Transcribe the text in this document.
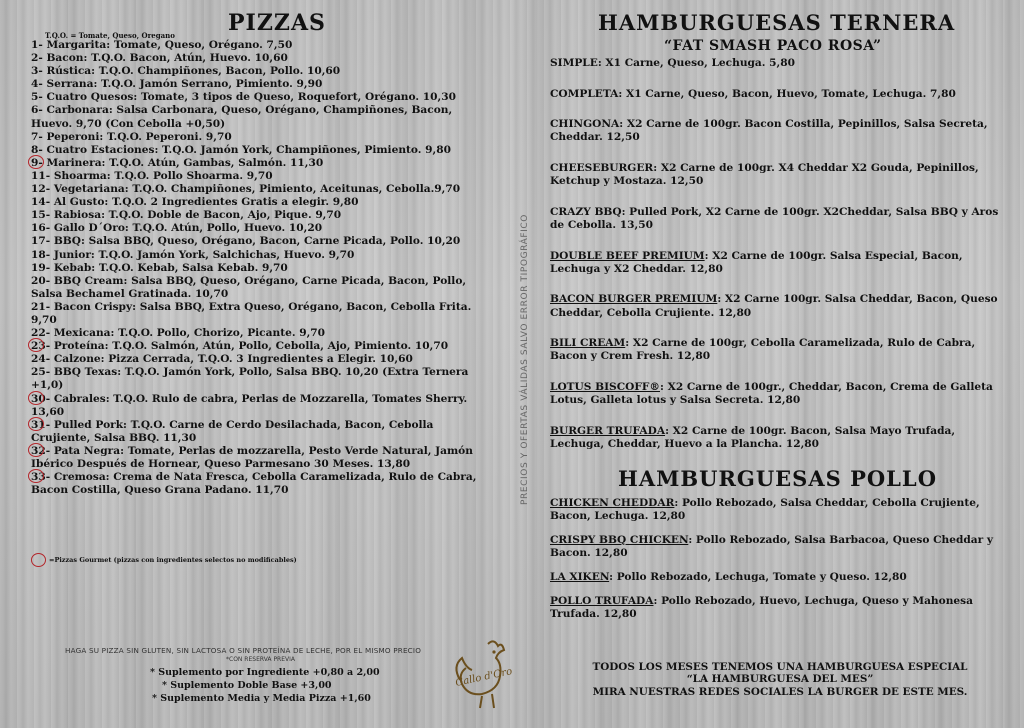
PIZZAS
T.Q.O. = Tomate, Queso, Oregano
1- Margarita: Tomate, Queso, Orégano. 7,50
2- Bacon: T.Q.O. Bacon, Atún, Huevo. 10,60
3- Rústica: T.Q.O. Champiñones, Bacon, Pollo. 10,60
4- Serrana: T.Q.O. Jamón Serrano, Pimiento. 9,90
5- Cuatro Quesos: Tomate, 3 tipos de Queso, Roquefort, Orégano. 10,30
6- Carbonara: Salsa Carbonara, Queso, Orégano, Champiñones, Bacon, Huevo. 9,70 (Con Cebolla +0,50)
7- Peperoni: T.Q.O. Peperoni. 9,70
8- Cuatro Estaciones: T.Q.O. Jamón York, Champiñones, Pimiento. 9,80
9- Marinera: T.Q.O. Atún, Gambas, Salmón. 11,30
11- Shoarma: T.Q.O. Pollo Shoarma. 9,70
12- Vegetariana: T.Q.O. Champiñones, Pimiento, Aceitunas, Cebolla.9,70
14- Al Gusto: T.Q.O. 2 Ingredientes Gratis a elegir. 9,80
15- Rabiosa: T.Q.O. Doble de Bacon, Ajo, Pique. 9,70
16- Gallo D´Oro: T.Q.O. Atún, Pollo, Huevo. 10,20
17- BBQ: Salsa BBQ, Queso, Orégano, Bacon, Carne Picada, Pollo. 10,20
18- Junior: T.Q.O. Jamón York, Salchichas, Huevo. 9,70
19- Kebab: T.Q.O. Kebab, Salsa Kebab. 9,70
20- BBQ Cream: Salsa BBQ, Queso, Orégano, Carne Picada, Bacon, Pollo, Salsa Bechamel Gratinada. 10,70
21- Bacon Crispy: Salsa BBQ, Extra Queso, Orégano, Bacon, Cebolla Frita. 9,70
22- Mexicana: T.Q.O. Pollo, Chorizo, Picante. 9,70
23- Proteína: T.Q.O. Salmón, Atún, Pollo, Cebolla, Ajo, Pimiento. 10,70
24- Calzone: Pizza Cerrada, T.Q.O. 3 Ingredientes a Elegir. 10,60
25- BBQ Texas: T.Q.O. Jamón York, Pollo, Salsa BBQ. 10,20 (Extra Ternera +1,0)
30- Cabrales: T.Q.O. Rulo de cabra, Perlas de Mozzarella, Tomates Sherry. 13,60
31- Pulled Pork: T.Q.O. Carne de Cerdo Desilachada, Bacon, Cebolla Crujiente, Salsa BBQ. 11,30
32- Pata Negra: Tomate, Perlas de mozzarella, Pesto Verde Natural, Jamón Ibérico Después de Hornear, Queso Parmesano 30 Meses. 13,80
33- Cremosa: Crema de Nata Fresca, Cebolla Caramelizada, Rulo de Cabra, Bacon Costilla, Queso Grana Padano. 11,70
=Pizzas Gourmet (pizzas con ingredientes selectos no modificables)
HAGA SU PIZZA SIN GLUTEN, SIN LACTOSA O SIN PROTEÍNA DE LECHE, POR EL MISMO PRECIO
*CON RESERVA PREVIA
* Suplemento por Ingrediente +0,80 a 2,00
* Suplemento Doble Base +3,00
* Suplemento Media y Media Pizza +1,60
Gallo d'Oro
PRECIOS Y OFERTAS VÁLIDAS SALVO ERROR TIPOGRÁFICO
HAMBURGUESAS TERNERA
“FAT SMASH PACO ROSA”
SIMPLE: X1 Carne, Queso, Lechuga. 5,80
COMPLETA: X1 Carne, Queso, Bacon, Huevo, Tomate, Lechuga. 7,80
CHINGONA: X2 Carne de 100gr. Bacon Costilla, Pepinillos, Salsa Secreta, Cheddar. 12,50
CHEESEBURGER: X2 Carne de 100gr. X4 Cheddar X2 Gouda, Pepinillos, Ketchup y Mostaza. 12,50
CRAZY BBQ: Pulled Pork, X2 Carne de 100gr. X2Cheddar, Salsa BBQ y Aros de Cebolla. 13,50
DOUBLE BEEF PREMIUM: X2 Carne de 100gr. Salsa Especial, Bacon, Lechuga y X2 Cheddar. 12,80
BACON BURGER PREMIUM: X2 Carne 100gr. Salsa Cheddar, Bacon, Queso Cheddar, Cebolla Crujiente. 12,80
BILI CREAM: X2 Carne de 100gr, Cebolla Caramelizada, Rulo de Cabra, Bacon y Crem Fresh. 12,80
LOTUS BISCOFF®: X2 Carne de 100gr., Cheddar, Bacon, Crema de Galleta Lotus, Galleta lotus y Salsa Secreta. 12,80
BURGER TRUFADA: X2 Carne de 100gr. Bacon, Salsa Mayo Trufada, Lechuga, Cheddar, Huevo a la Plancha. 12,80
HAMBURGUESAS POLLO
CHICKEN CHEDDAR: Pollo Rebozado, Salsa Cheddar, Cebolla Crujiente, Bacon, Lechuga. 12,80
CRISPY BBQ CHICKEN: Pollo Rebozado, Salsa Barbacoa, Queso Cheddar y Bacon. 12,80
LA XIKEN: Pollo Rebozado, Lechuga, Tomate y Queso. 12,80
POLLO TRUFADA: Pollo Rebozado, Huevo, Lechuga, Queso y Mahonesa Trufada. 12,80
TODOS LOS MESES TENEMOS UNA HAMBURGUESA ESPECIAL
“LA HAMBURGUESA DEL MES”
MIRA NUESTRAS REDES SOCIALES LA BURGER DE ESTE MES.
